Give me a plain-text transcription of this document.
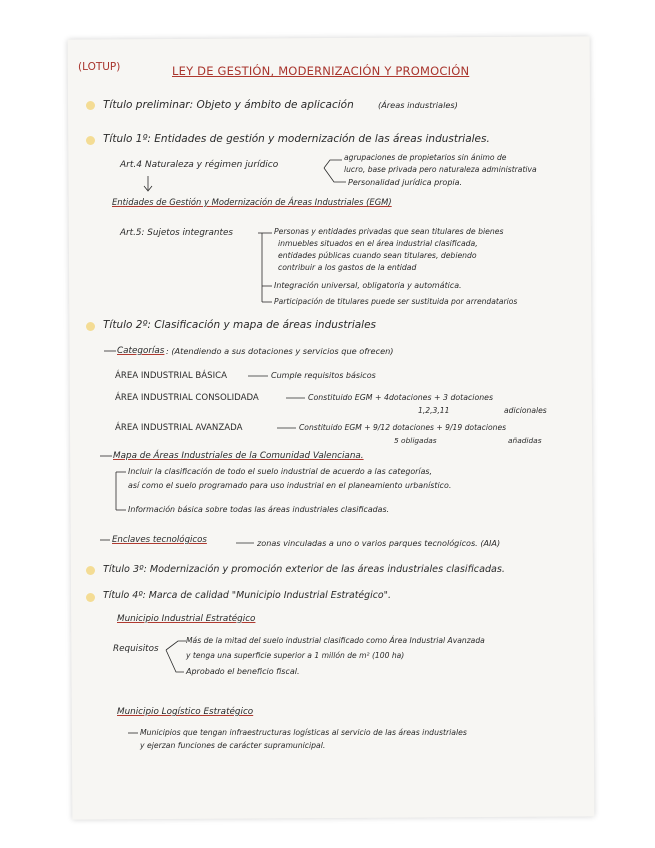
(LOTUP)	LEY DE GESTIÓN, MODERNIZACIÓN Y PROMOCIÓN
Título preliminar: Objeto y ámbito de aplicación	(Áreas industriales)
Título 1º: Entidades de gestión y modernización de las áreas industriales.
Art.4 Naturaleza y régimen jurídico
agrupaciones de propietarios sin ánimo de
lucro, base privada pero naturaleza administrativa
Personalidad jurídica propia.
Entidades de Gestión y Modernización de Áreas Industriales (EGM)
Art.5: Sujetos integrantes	Personas y entidades privadas que sean titulares de bienes
inmuebles situados en el área industrial clasificada,
entidades públicas cuando sean titulares, debiendo
contribuir a los gastos de la entidad
Integración universal, obligatoria y automática.
Participación de titulares puede ser sustituida por arrendatarios
Título 2º: Clasificación y mapa de áreas industriales
Categorías : (Atendiendo a sus dotaciones y servicios que ofrecen)
ÁREA INDUSTRIAL BÁSICA	Cumple requisitos básicos
ÁREA INDUSTRIAL CONSOLIDADA	Constituido EGM + 4dotaciones + 3 dotaciones
1,2,3,11	adicionales
ÁREA INDUSTRIAL AVANZADA	Constituido EGM + 9/12 dotaciones + 9/19 dotaciones
5 obligadas	añadidas
Mapa de Áreas Industriales de la Comunidad Valenciana.
Incluir la clasificación de todo el suelo industrial de acuerdo a las categorías,
así como el suelo programado para uso industrial en el planeamiento urbanístico.
Información básica sobre todas las áreas industriales clasificadas.
Enclaves tecnológicos	zonas vinculadas a uno o varios parques tecnológicos. (AIA)
Título 3º: Modernización y promoción exterior de las áreas industriales clasificadas.
Título 4º: Marca de calidad "Municipio Industrial Estratégico".
Municipio Industrial Estratégico
Requisitos
Más de la mitad del suelo industrial clasificado como Área Industrial Avanzada
y tenga una superficie superior a 1 millón de m² (100 ha)
Aprobado el beneficio fiscal.
Municipio Logístico Estratégico
Municipios que tengan infraestructuras logísticas al servicio de las áreas industriales
y ejerzan funciones de carácter supramunicipal.
